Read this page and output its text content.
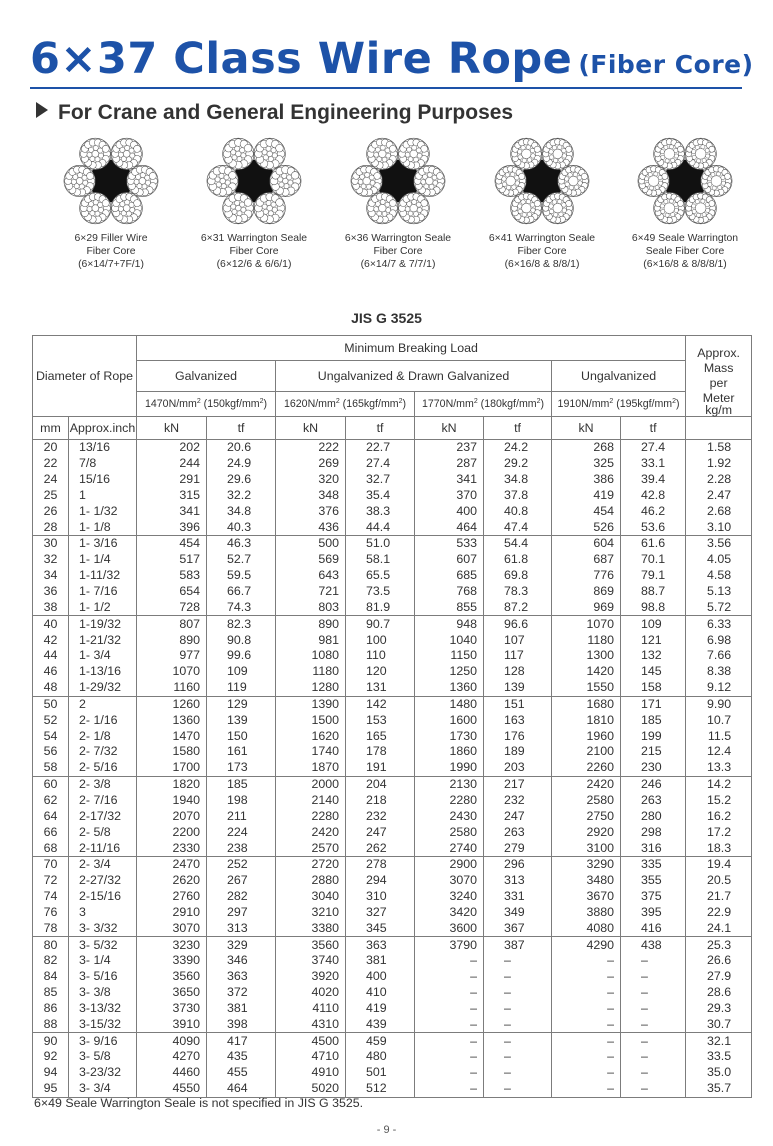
6×37 Class Wire Rope (Fiber Core)
For Crane and General Engineering Purposes
6×29 Filler Wire
Fiber Core
(6×14/7+7F/1)
6×31 Warrington Seale
Fiber Core
(6×12/6 & 6/6/1)
6×36 Warrington Seale
Fiber Core
(6×14/7 & 7/7/1)
6×41 Warrington Seale
Fiber Core
(6×16/8 & 8/8/1)
6×49 Seale Warrington
Seale Fiber Core
(6×16/8 & 8/8/8/1)
JIS G 3525
Diameter of Rope		Minimum Breaking Load								Approx. Mass per Meter

		Galvanized		Ungalvanized & Drawn Galvanized				Ungalvanized		
		$1470N/mm^2$ $(150kgf/mm^2)$		$1620N/mm^2$ $(165kgf/mm^2)$		$1770N/mm^2$ $(180kgf/mm^2)$		$1910N/mm^2$ $(195kgf/mm^2)$		
mm	Approx.inch	kN	tf	kN	tf	kN	tf	kN	tf	kg/m

20	13/16	202	20.6	222	22.7	237	24.2	268	27.4	1.58
22	7/8	244	24.9	269	27.4	287	29.2	325	33.1	1.92
24	15/16	291	29.6	320	32.7	341	34.8	386	39.4	2.28
25	1	315	32.2	348	35.4	370	37.8	419	42.8	2.47
26	1- 1/32	341	34.8	376	38.3	400	40.8	454	46.2	2.68
28	1- 1/8	396	40.3	436	44.4	464	47.4	526	53.6	3.10
30	1- 3/16	454	46.3	500	51.0	533	54.4	604	61.6	3.56
32	1- 1/4	517	52.7	569	58.1	607	61.8	687	70.1	4.05
34	1-11/32	583	59.5	643	65.5	685	69.8	776	79.1	4.58
36	1- 7/16	654	66.7	721	73.5	768	78.3	869	88.7	5.13
38	1- 1/2	728	74.3	803	81.9	855	87.2	969	98.8	5.72
40	1-19/32	807	82.3	890	90.7	948	96.6	1070	109	6.33
42	1-21/32	890	90.8	981	100	1040	107	1180	121	6.98
44	1- 3/4	977	99.6	1080	110	1150	117	1300	132	7.66
46	1-13/16	1070	109	1180	120	1250	128	1420	145	8.38
48	1-29/32	1160	119	1280	131	1360	139	1550	158	9.12
50	2	1260	129	1390	142	1480	151	1680	171	9.90
52	2- 1/16	1360	139	1500	153	1600	163	1810	185	10.7
54	2- 1/8	1470	150	1620	165	1730	176	1960	199	11.5
56	2- 7/32	1580	161	1740	178	1860	189	2100	215	12.4
58	2- 5/16	1700	173	1870	191	1990	203	2260	230	13.3
60	2- 3/8	1820	185	2000	204	2130	217	2420	246	14.2
62	2- 7/16	1940	198	2140	218	2280	232	2580	263	15.2
64	2-17/32	2070	211	2280	232	2430	247	2750	280	16.2
66	2- 5/8	2200	224	2420	247	2580	263	2920	298	17.2
68	2-11/16	2330	238	2570	262	2740	279	3100	316	18.3
70	2- 3/4	2470	252	2720	278	2900	296	3290	335	19.4
72	2-27/32	2620	267	2880	294	3070	313	3480	355	20.5
74	2-15/16	2760	282	3040	310	3240	331	3670	375	21.7
76	3	2910	297	3210	327	3420	349	3880	395	22.9
78	3- 3/32	3070	313	3380	345	3600	367	4080	416	24.1
80	3- 5/32	3230	329	3560	363	3790	387	4290	438	25.3
82	3- 1/4	3390	346	3740	381	–	–	–	–	26.6
84	3- 5/16	3560	363	3920	400	–	–	–	–	27.9
85	3- 3/8	3650	372	4020	410	–	–	–	–	28.6
86	3-13/32	3730	381	4110	419	–	–	–	–	29.3
88	3-15/32	3910	398	4310	439	–	–	–	–	30.7
90	3- 9/16	4090	417	4500	459	–	–	–	–	32.1
92	3- 5/8	4270	435	4710	480	–	–	–	–	33.5
94	3-23/32	4460	455	4910	501	–	–	–	–	35.0
95	3- 3/4	4550	464	5020	512	–	–	–	–	35.7
6×49 Seale Warrington Seale is not specified in JIS G 3525.
- 9 -
